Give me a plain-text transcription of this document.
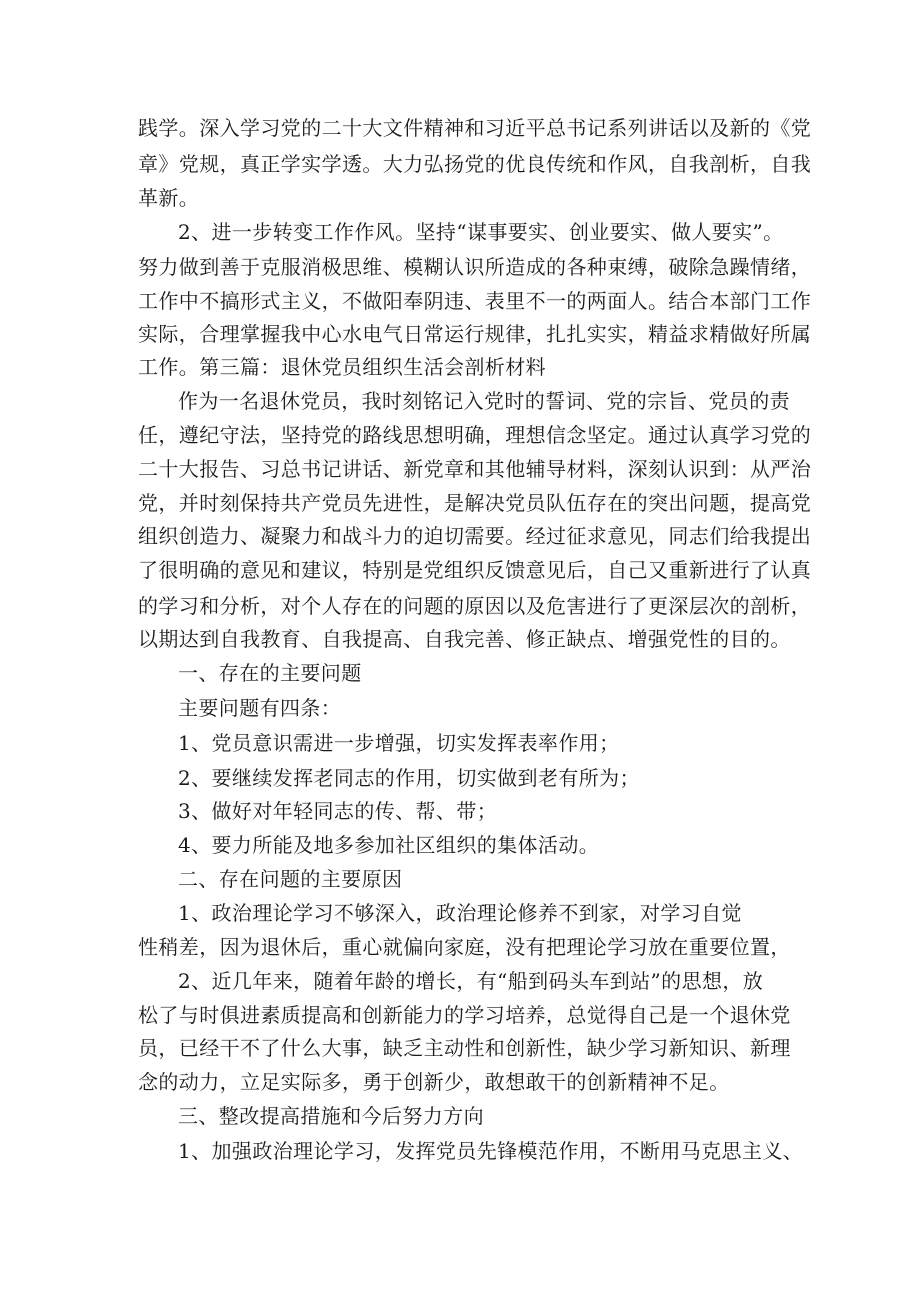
践学。深入学习党的二十大文件精神和习近平总书记系列讲话以及新的《党
章》党规，真正学实学透。大力弘扬党的优良传统和作风，自我剖析，自我
革新。
2、进一步转变工作作风。坚持“谋事要实、创业要实、做人要实”。
努力做到善于克服消极思维、模糊认识所造成的各种束缚，破除急躁情绪，
工作中不搞形式主义，不做阳奉阴违、表里不一的两面人。结合本部门工作
实际，合理掌握我中心水电气日常运行规律，扎扎实实，精益求精做好所属
工作。第三篇：退休党员组织生活会剖析材料
作为一名退休党员，我时刻铭记入党时的誓词、党的宗旨、党员的责
任，遵纪守法，坚持党的路线思想明确，理想信念坚定。通过认真学习党的
二十大报告、习总书记讲话、新党章和其他辅导材料，深刻认识到：从严治
党，并时刻保持共产党员先进性，是解决党员队伍存在的突出问题，提高党
组织创造力、凝聚力和战斗力的迫切需要。经过征求意见，同志们给我提出
了很明确的意见和建议，特别是党组织反馈意见后，自己又重新进行了认真
的学习和分析，对个人存在的问题的原因以及危害进行了更深层次的剖析，
以期达到自我教育、自我提高、自我完善、修正缺点、增强党性的目的。
一、存在的主要问题
主要问题有四条：
1、党员意识需进一步增强，切实发挥表率作用；
2、要继续发挥老同志的作用，切实做到老有所为；
3、做好对年轻同志的传、帮、带；
4、要力所能及地多参加社区组织的集体活动。
二、存在问题的主要原因
1、政治理论学习不够深入，政治理论修养不到家，对学习自觉
性稍差，因为退休后，重心就偏向家庭，没有把理论学习放在重要位置，
2、近几年来，随着年龄的增长，有“船到码头车到站”的思想，放
松了与时俱进素质提高和创新能力的学习培养，总觉得自己是一个退休党
员，已经干不了什么大事，缺乏主动性和创新性，缺少学习新知识、新理
念的动力，立足实际多，勇于创新少，敢想敢干的创新精神不足。
三、整改提高措施和今后努力方向
1、加强政治理论学习，发挥党员先锋模范作用，不断用马克思主义、
